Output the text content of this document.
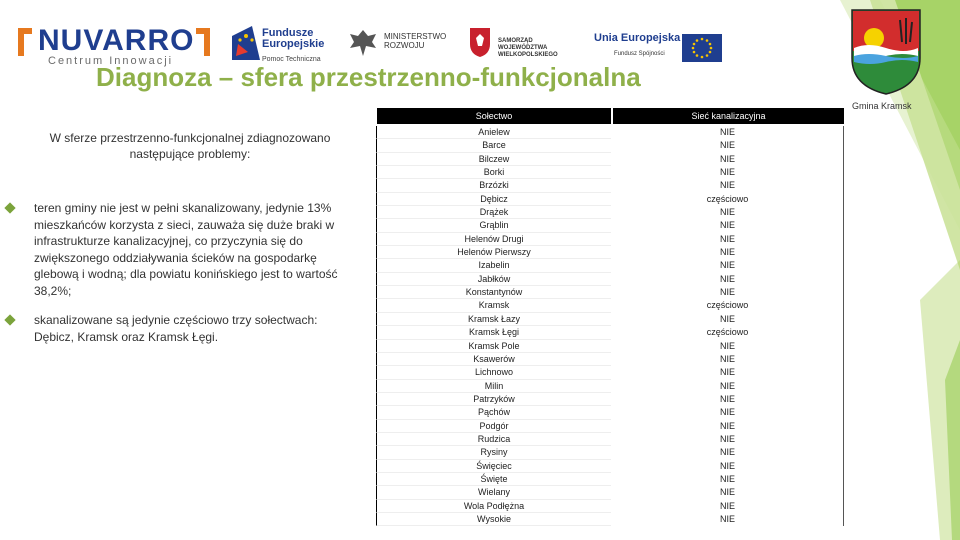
NUVARRO
Centrum Innowacji
Fundusze Europejskie
Pomoc Techniczna
MINISTERSTWO ROZWOJU	SAMORZĄD WOJEWÓDZTWA WIELKOPOLSKIEGO
Unia Europejska
Fundusz Spójności
Diagnoza – sfera przestrzenno-funkcjonalna
Gmina Kramsk
W sferze przestrzenno-funkcjonalnej zdiagnozowano następujące problemy:
teren gminy nie jest w pełni skanalizowany, jedynie 13% mieszkańców korzysta z sieci, zauważa się duże braki w infrastrukturze kanalizacyjnej, co przyczynia się do zwiększonego oddziaływania ścieków na gospodarkę glebową i wodną; dla powiatu konińskiego jest to wartość 38,2%;
skanalizowane są jedynie częściowo trzy sołectwach: Dębicz, Kramsk oraz Kramsk Łęgi.
Sołectwo	Sieć kanalizacyjna
Anielew	NIE
Barce	NIE
Bilczew	NIE
Borki	NIE
Brzózki	NIE
Dębicz	częściowo
Drążek	NIE
Grąblin	NIE
Helenów Drugi	NIE
Helenów Pierwszy	NIE
Izabelin	NIE
Jabłków	NIE
Konstantynów	NIE
Kramsk	częściowo
Kramsk Łazy	NIE
Kramsk Łęgi	częściowo
Kramsk Pole	NIE
Ksawerów	NIE
Lichnowo	NIE
Milin	NIE
Patrzyków	NIE
Pąchów	NIE
Podgór	NIE
Rudzica	NIE
Rysiny	NIE
Święciec	NIE
Święte	NIE
Wielany	NIE
Wola Podłężna	NIE
Wysokie	NIE
